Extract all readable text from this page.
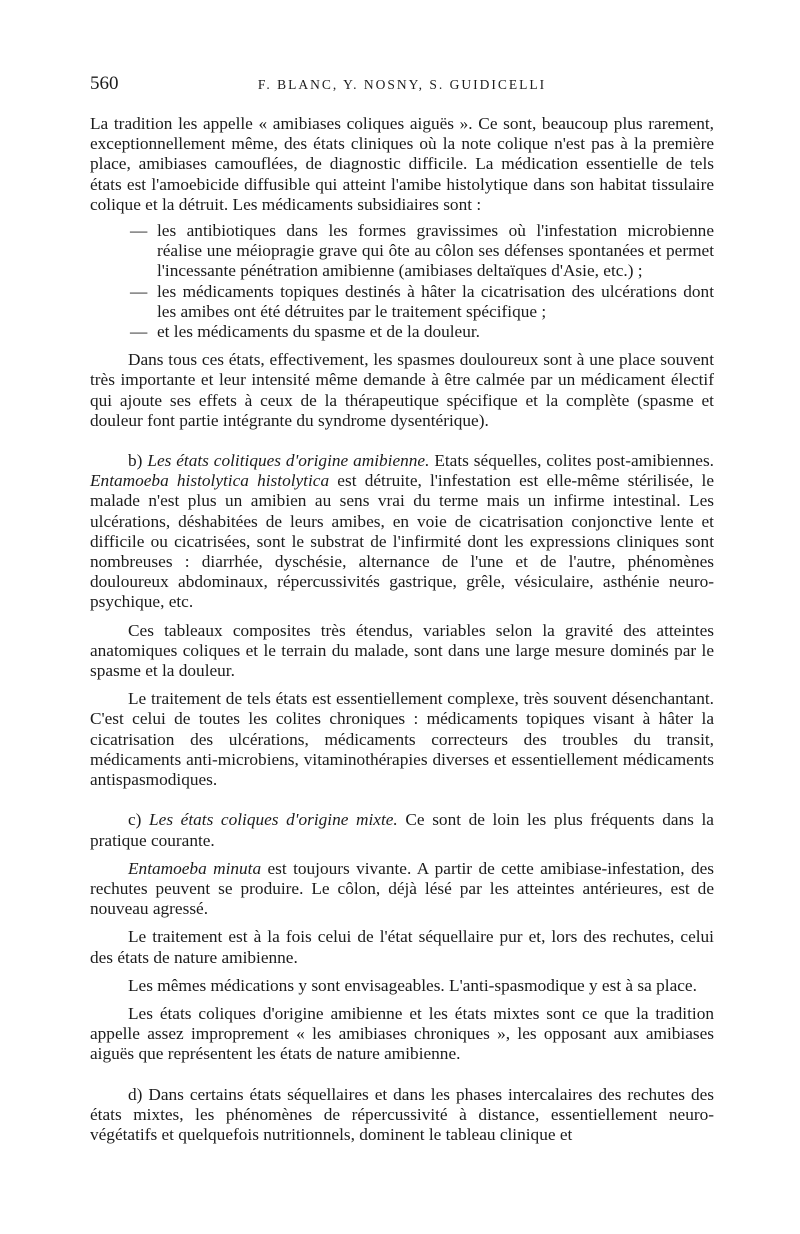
560	F. BLANC, Y. NOSNY, S. GUIDICELLI

La tradition les appelle « amibiases coliques aiguës ». Ce sont, beaucoup plus rarement, exceptionnellement même, des états cliniques où la note colique n'est pas à la première place, amibiases camouflées, de diagnostic difficile. La médication essentielle de tels états est l'amoebicide diffusible qui atteint l'amibe histolytique dans son habitat tissulaire colique et la détruit. Les médicaments subsidiaires sont :

— les antibiotiques dans les formes gravissimes où l'infestation microbienne réalise une méiopragie grave qui ôte au côlon ses défenses spontanées et permet l'incessante pénétration amibienne (amibiases deltaïques d'Asie, etc.) ;
— les médicaments topiques destinés à hâter la cicatrisation des ulcérations dont les amibes ont été détruites par le traitement spécifique ;
— et les médicaments du spasme et de la douleur.

Dans tous ces états, effectivement, les spasmes douloureux sont à une place souvent très importante et leur intensité même demande à être calmée par un médicament électif qui ajoute ses effets à ceux de la thérapeutique spécifique et la complète (spasme et douleur font partie intégrante du syndrome dysentérique).

b) Les états colitiques d'origine amibienne. Etats séquelles, colites post-amibiennes. Entamoeba histolytica histolytica est détruite, l'infestation est elle-même stérilisée, le malade n'est plus un amibien au sens vrai du terme mais un infirme intestinal. Les ulcérations, déshabitées de leurs amibes, en voie de cicatrisation conjonctive lente et difficile ou cicatrisées, sont le substrat de l'infirmité dont les expressions cliniques sont nombreuses : diarrhée, dyschésie, alternance de l'une et de l'autre, phénomènes douloureux abdominaux, répercussivités gastrique, grêle, vésiculaire, asthénie neuro-psychique, etc.

Ces tableaux composites très étendus, variables selon la gravité des atteintes anatomiques coliques et le terrain du malade, sont dans une large mesure dominés par le spasme et la douleur.

Le traitement de tels états est essentiellement complexe, très souvent désenchantant. C'est celui de toutes les colites chroniques : médicaments topiques visant à hâter la cicatrisation des ulcérations, médicaments correcteurs des troubles du transit, médicaments anti-microbiens, vitaminothérapies diverses et essentiellement médicaments antispasmodiques.

c) Les états coliques d'origine mixte. Ce sont de loin les plus fréquents dans la pratique courante.

Entamoeba minuta est toujours vivante. A partir de cette amibiase-infestation, des rechutes peuvent se produire. Le côlon, déjà lésé par les atteintes antérieures, est de nouveau agressé.

Le traitement est à la fois celui de l'état séquellaire pur et, lors des rechutes, celui des états de nature amibienne.

Les mêmes médications y sont envisageables. L'anti-spasmodique y est à sa place.

Les états coliques d'origine amibienne et les états mixtes sont ce que la tradition appelle assez improprement « les amibiases chroniques », les opposant aux amibiases aiguës que représentent les états de nature amibienne.

d) Dans certains états séquellaires et dans les phases intercalaires des rechutes des états mixtes, les phénomènes de répercussivité à distance, essentiellement neuro-végétatifs et quelquefois nutritionnels, dominent le tableau clinique et
